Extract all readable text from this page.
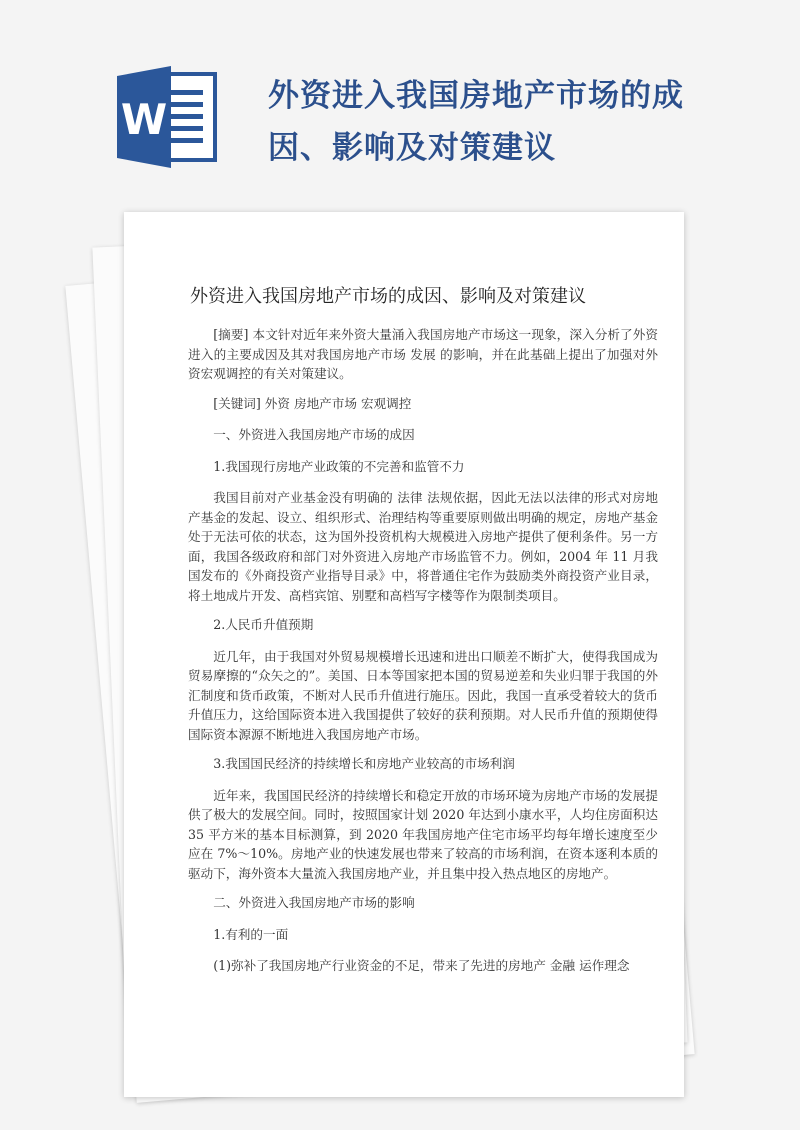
W	外资进入我国房地产市场的成因、影响及对策建议
外资进入我国房地产市场的成因、影响及对策建议

[摘要] 本文针对近年来外资大量涌入我国房地产市场这一现象，深入分析了外资进入的主要成因及其对我国房地产市场 发展 的影响，并在此基础上提出了加强对外资宏观调控的有关对策建议。

[关键词] 外资 房地产市场 宏观调控

一、外资进入我国房地产市场的成因

1.我国现行房地产业政策的不完善和监管不力

我国目前对产业基金没有明确的 法律 法规依据，因此无法以法律的形式对房地产基金的发起、设立、组织形式、治理结构等重要原则做出明确的规定，房地产基金处于无法可依的状态，这为国外投资机构大规模进入房地产提供了便利条件。另一方面，我国各级政府和部门对外资进入房地产市场监管不力。例如，2004 年 11 月我国发布的《外商投资产业指导目录》中，将普通住宅作为鼓励类外商投资产业目录，将土地成片开发、高档宾馆、别墅和高档写字楼等作为限制类项目。

2.人民币升值预期

近几年，由于我国对外贸易规模增长迅速和进出口顺差不断扩大，使得我国成为贸易摩擦的“众矢之的”。美国、日本等国家把本国的贸易逆差和失业归罪于我国的外汇制度和货币政策，不断对人民币升值进行施压。因此，我国一直承受着较大的货币升值压力，这给国际资本进入我国提供了较好的获利预期。对人民币升值的预期使得国际资本源源不断地进入我国房地产市场。

3.我国国民经济的持续增长和房地产业较高的市场利润

近年来，我国国民经济的持续增长和稳定开放的市场环境为房地产市场的发展提供了极大的发展空间。同时，按照国家计划 2020 年达到小康水平，人均住房面积达 35 平方米的基本目标测算，到 2020 年我国房地产住宅市场平均每年增长速度至少应在 7%～10%。房地产业的快速发展也带来了较高的市场利润，在资本逐利本质的驱动下，海外资本大量流入我国房地产业，并且集中投入热点地区的房地产。

二、外资进入我国房地产市场的影响

1.有利的一面

(1)弥补了我国房地产行业资金的不足，带来了先进的房地产 金融 运作理念
